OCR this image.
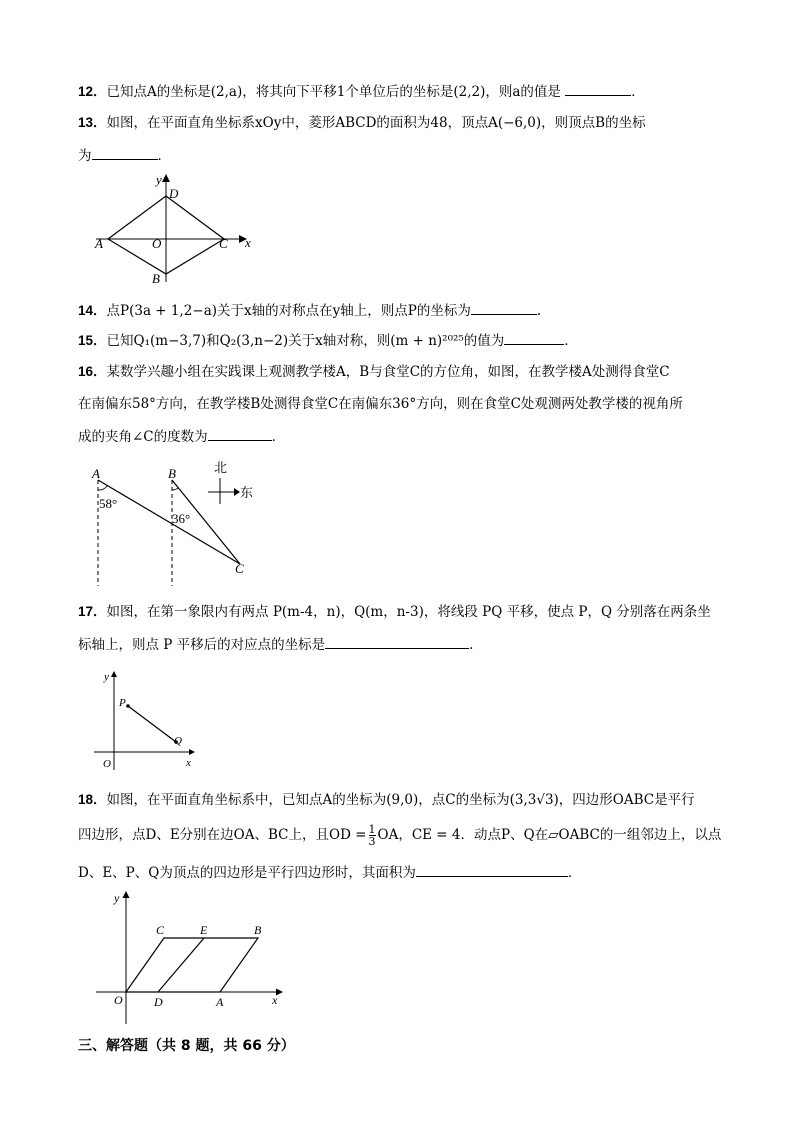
12．已知点A的坐标是(2,a)，将其向下平移1个单位后的坐标是(2,2)，则a的值是	．
13．如图，在平面直角坐标系xOy中，菱形ABCD的面积为48，顶点A(−6,0)，则顶点B的坐标
为	．
y
x
D
A	O	C
B
14．点P(3a + 1,2−a)关于x轴的对称点在y轴上，则点P的坐标为	.
15．已知Q₁(m−3,7)和Q₂(3,n−2)关于x轴对称，则(m + n)²⁰²⁵的值为	．
16．某数学兴趣小组在实践课上观测教学楼A，B与食堂C的方位角，如图，在教学楼A处测得食堂C
在南偏东58°方向，在教学楼B处测得食堂C在南偏东36°方向，则在食堂C处观测两处教学楼的视角所
成的夹角∠C的度数为	．
A	B
C
58°
36°
北
东
17．如图，在第一象限内有两点 P(m-4，n)，Q(m，n-3)，将线段 PQ 平移，使点 P，Q 分别落在两条坐
标轴上，则点 P 平移后的对应点的坐标是	.
y
x
O
P
Q
18．如图，在平面直角坐标系中，已知点A的坐标为(9,0)，点C的坐标为(3,3√3)，四边形OABC是平行
四边形，点D、E分别在边OA、BC上，且OD = $\frac{1}{3}$ OA，CE = 4．动点P、Q在▱OABC的一组邻边上，以点
D、E、P、Q为顶点的四边形是平行四边形时，其面积为	．
y
x
O
C	E	B
D	A
三、解答题（共 8 题，共 66 分）
